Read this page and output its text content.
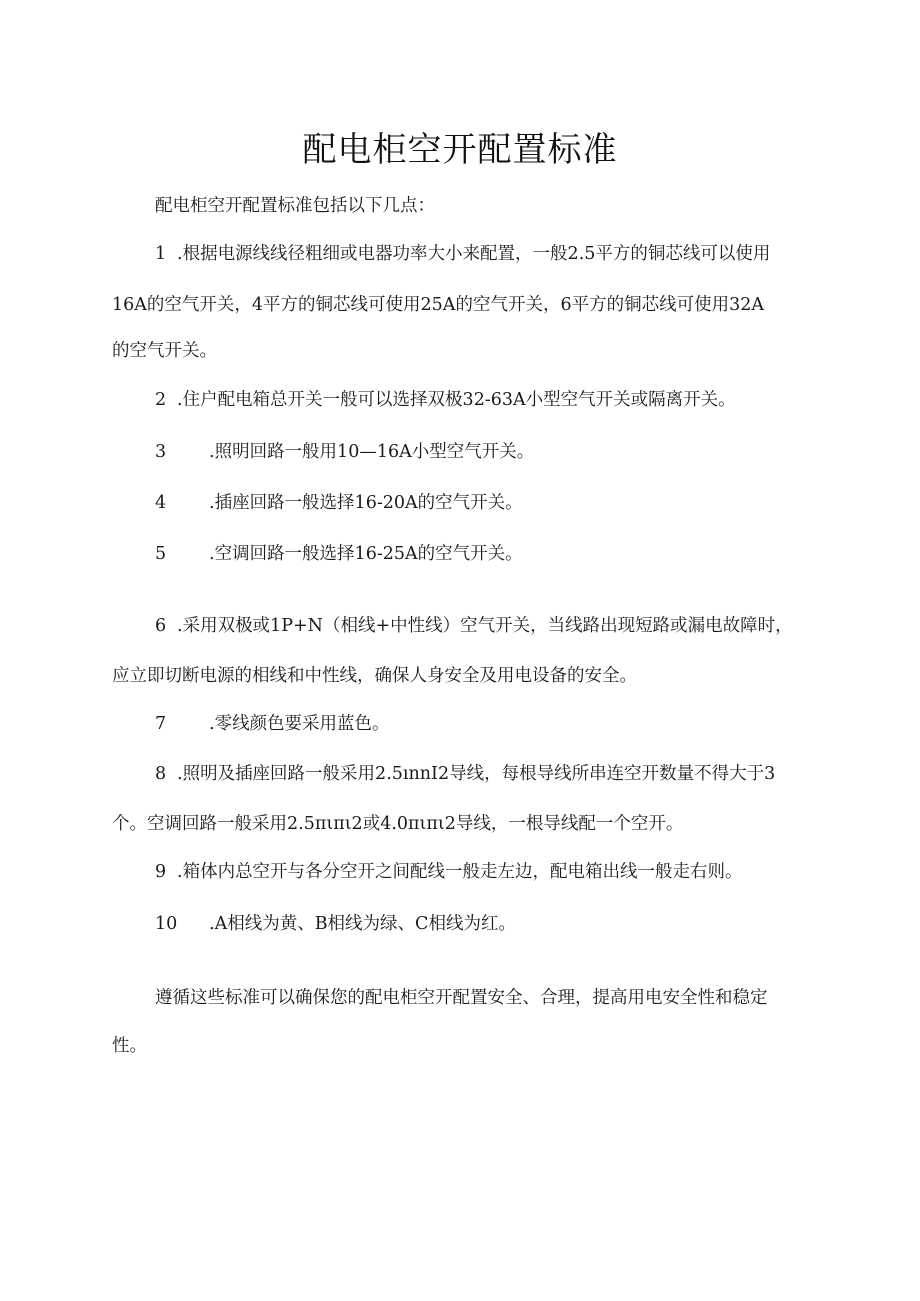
配电柜空开配置标准
配电柜空开配置标准包括以下几点：
1 .根据电源线线径粗细或电器功率大小来配置，一般2.5平方的铜芯线可以使用
16A的空气开关，4平方的铜芯线可使用25A的空气开关，6平方的铜芯线可使用32A
的空气开关。
2 .住户配电箱总开关一般可以选择双极32-63A小型空气开关或隔离开关。
3 .照明回路一般用10—16A小型空气开关。
4 .插座回路一般选择16-20A的空气开关。
5 .空调回路一般选择16-25A的空气开关。
6 .采用双极或1P+N（相线+中性线）空气开关，当线路出现短路或漏电故障时，
应立即切断电源的相线和中性线，确保人身安全及用电设备的安全。
7 .零线颜色要采用蓝色。
8 .照明及插座回路一般采用2.5ınnI2导线，每根导线所串连空开数量不得大于3
个。空调回路一般采用2.5πιπι2或4.0πιπι2导线，一根导线配一个空开。
9 .箱体内总空开与各分空开之间配线一般走左边，配电箱出线一般走右则。
10 .A相线为黄、B相线为绿、C相线为红。
遵循这些标准可以确保您的配电柜空开配置安全、合理，提高用电安全性和稳定
性。
